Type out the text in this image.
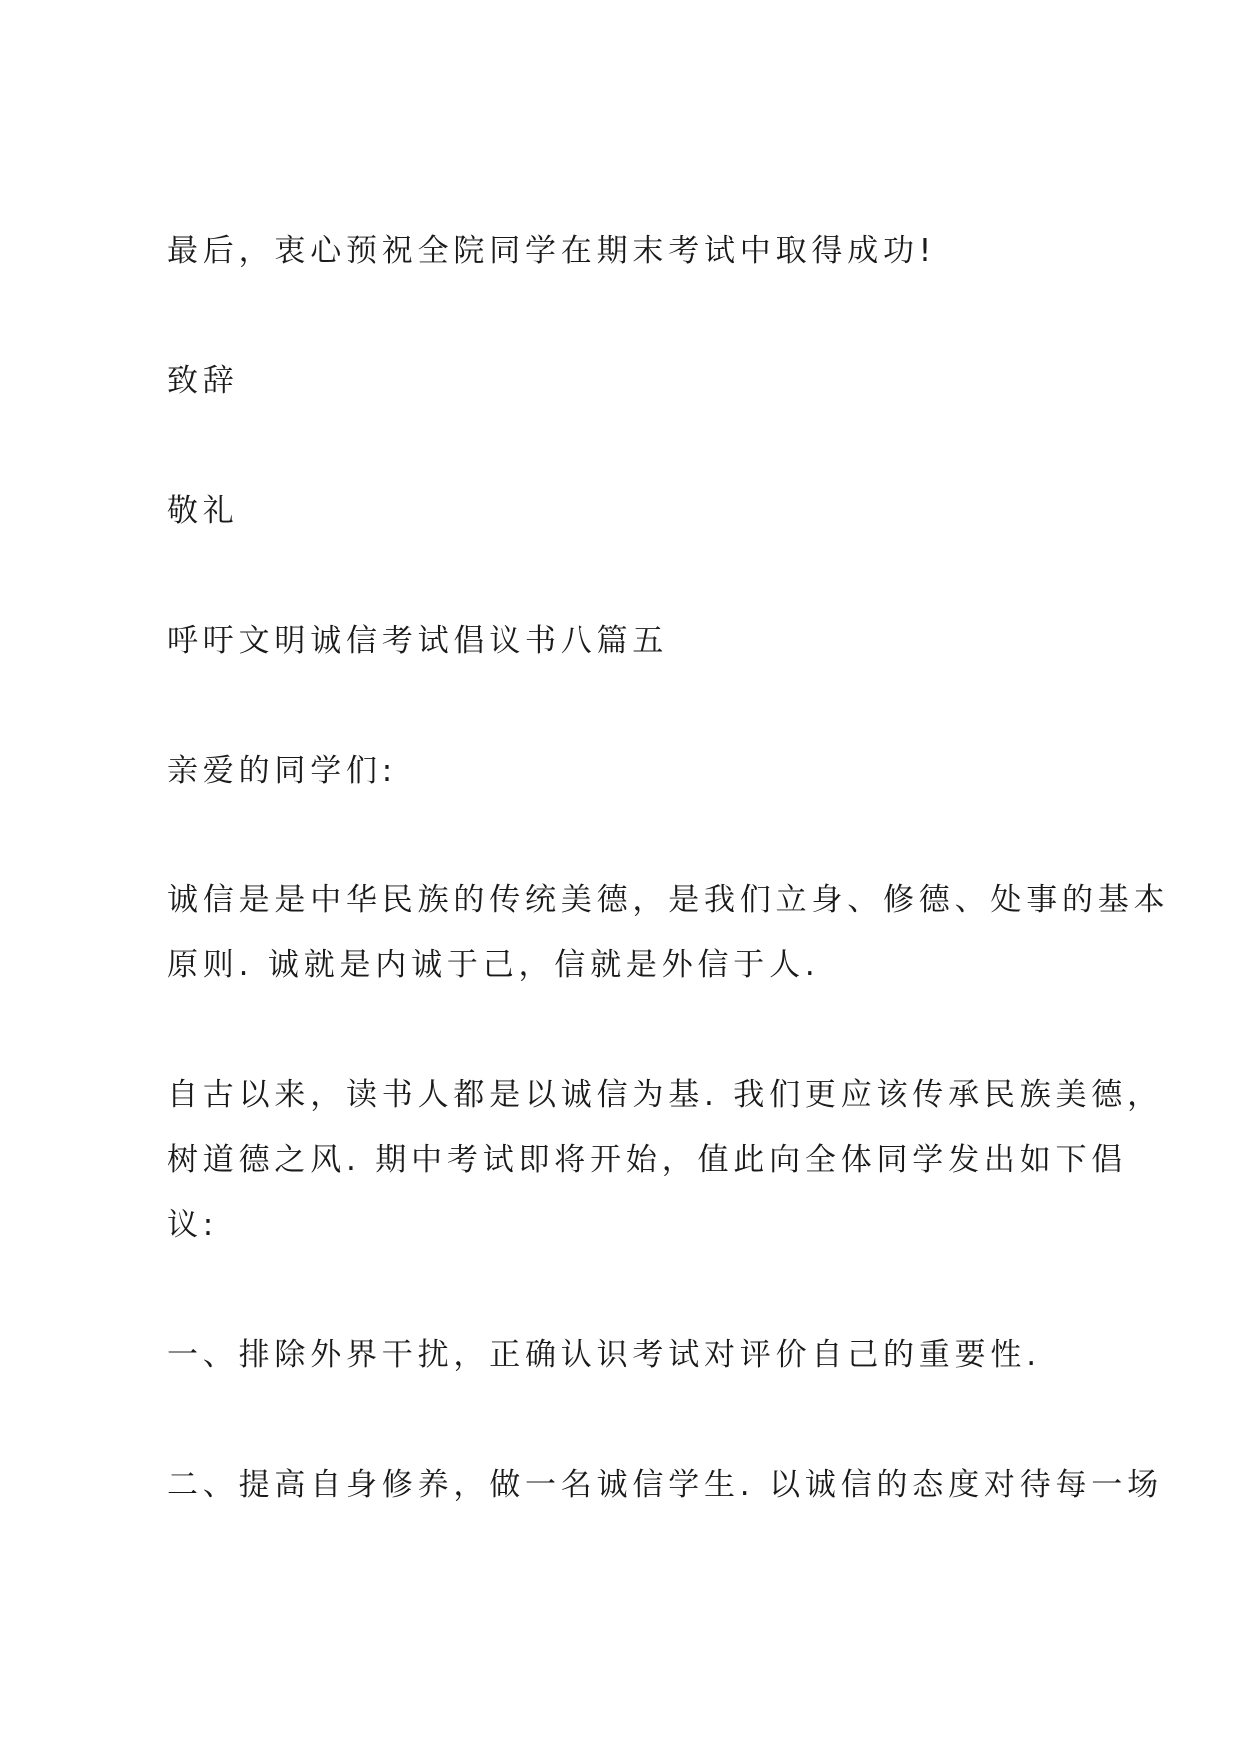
最后，衷心预祝全院同学在期末考试中取得成功!
致辞
敬礼
呼吁文明诚信考试倡议书八篇五
亲爱的同学们:
诚信是是中华民族的传统美德，是我们立身、修德、处事的基本
原则. 诚就是内诚于己，信就是外信于人.
自古以来，读书人都是以诚信为基. 我们更应该传承民族美德，
树道德之风. 期中考试即将开始，值此向全体同学发出如下倡
议:
一、排除外界干扰，正确认识考试对评价自己的重要性.
二、提高自身修养，做一名诚信学生. 以诚信的态度对待每一场
